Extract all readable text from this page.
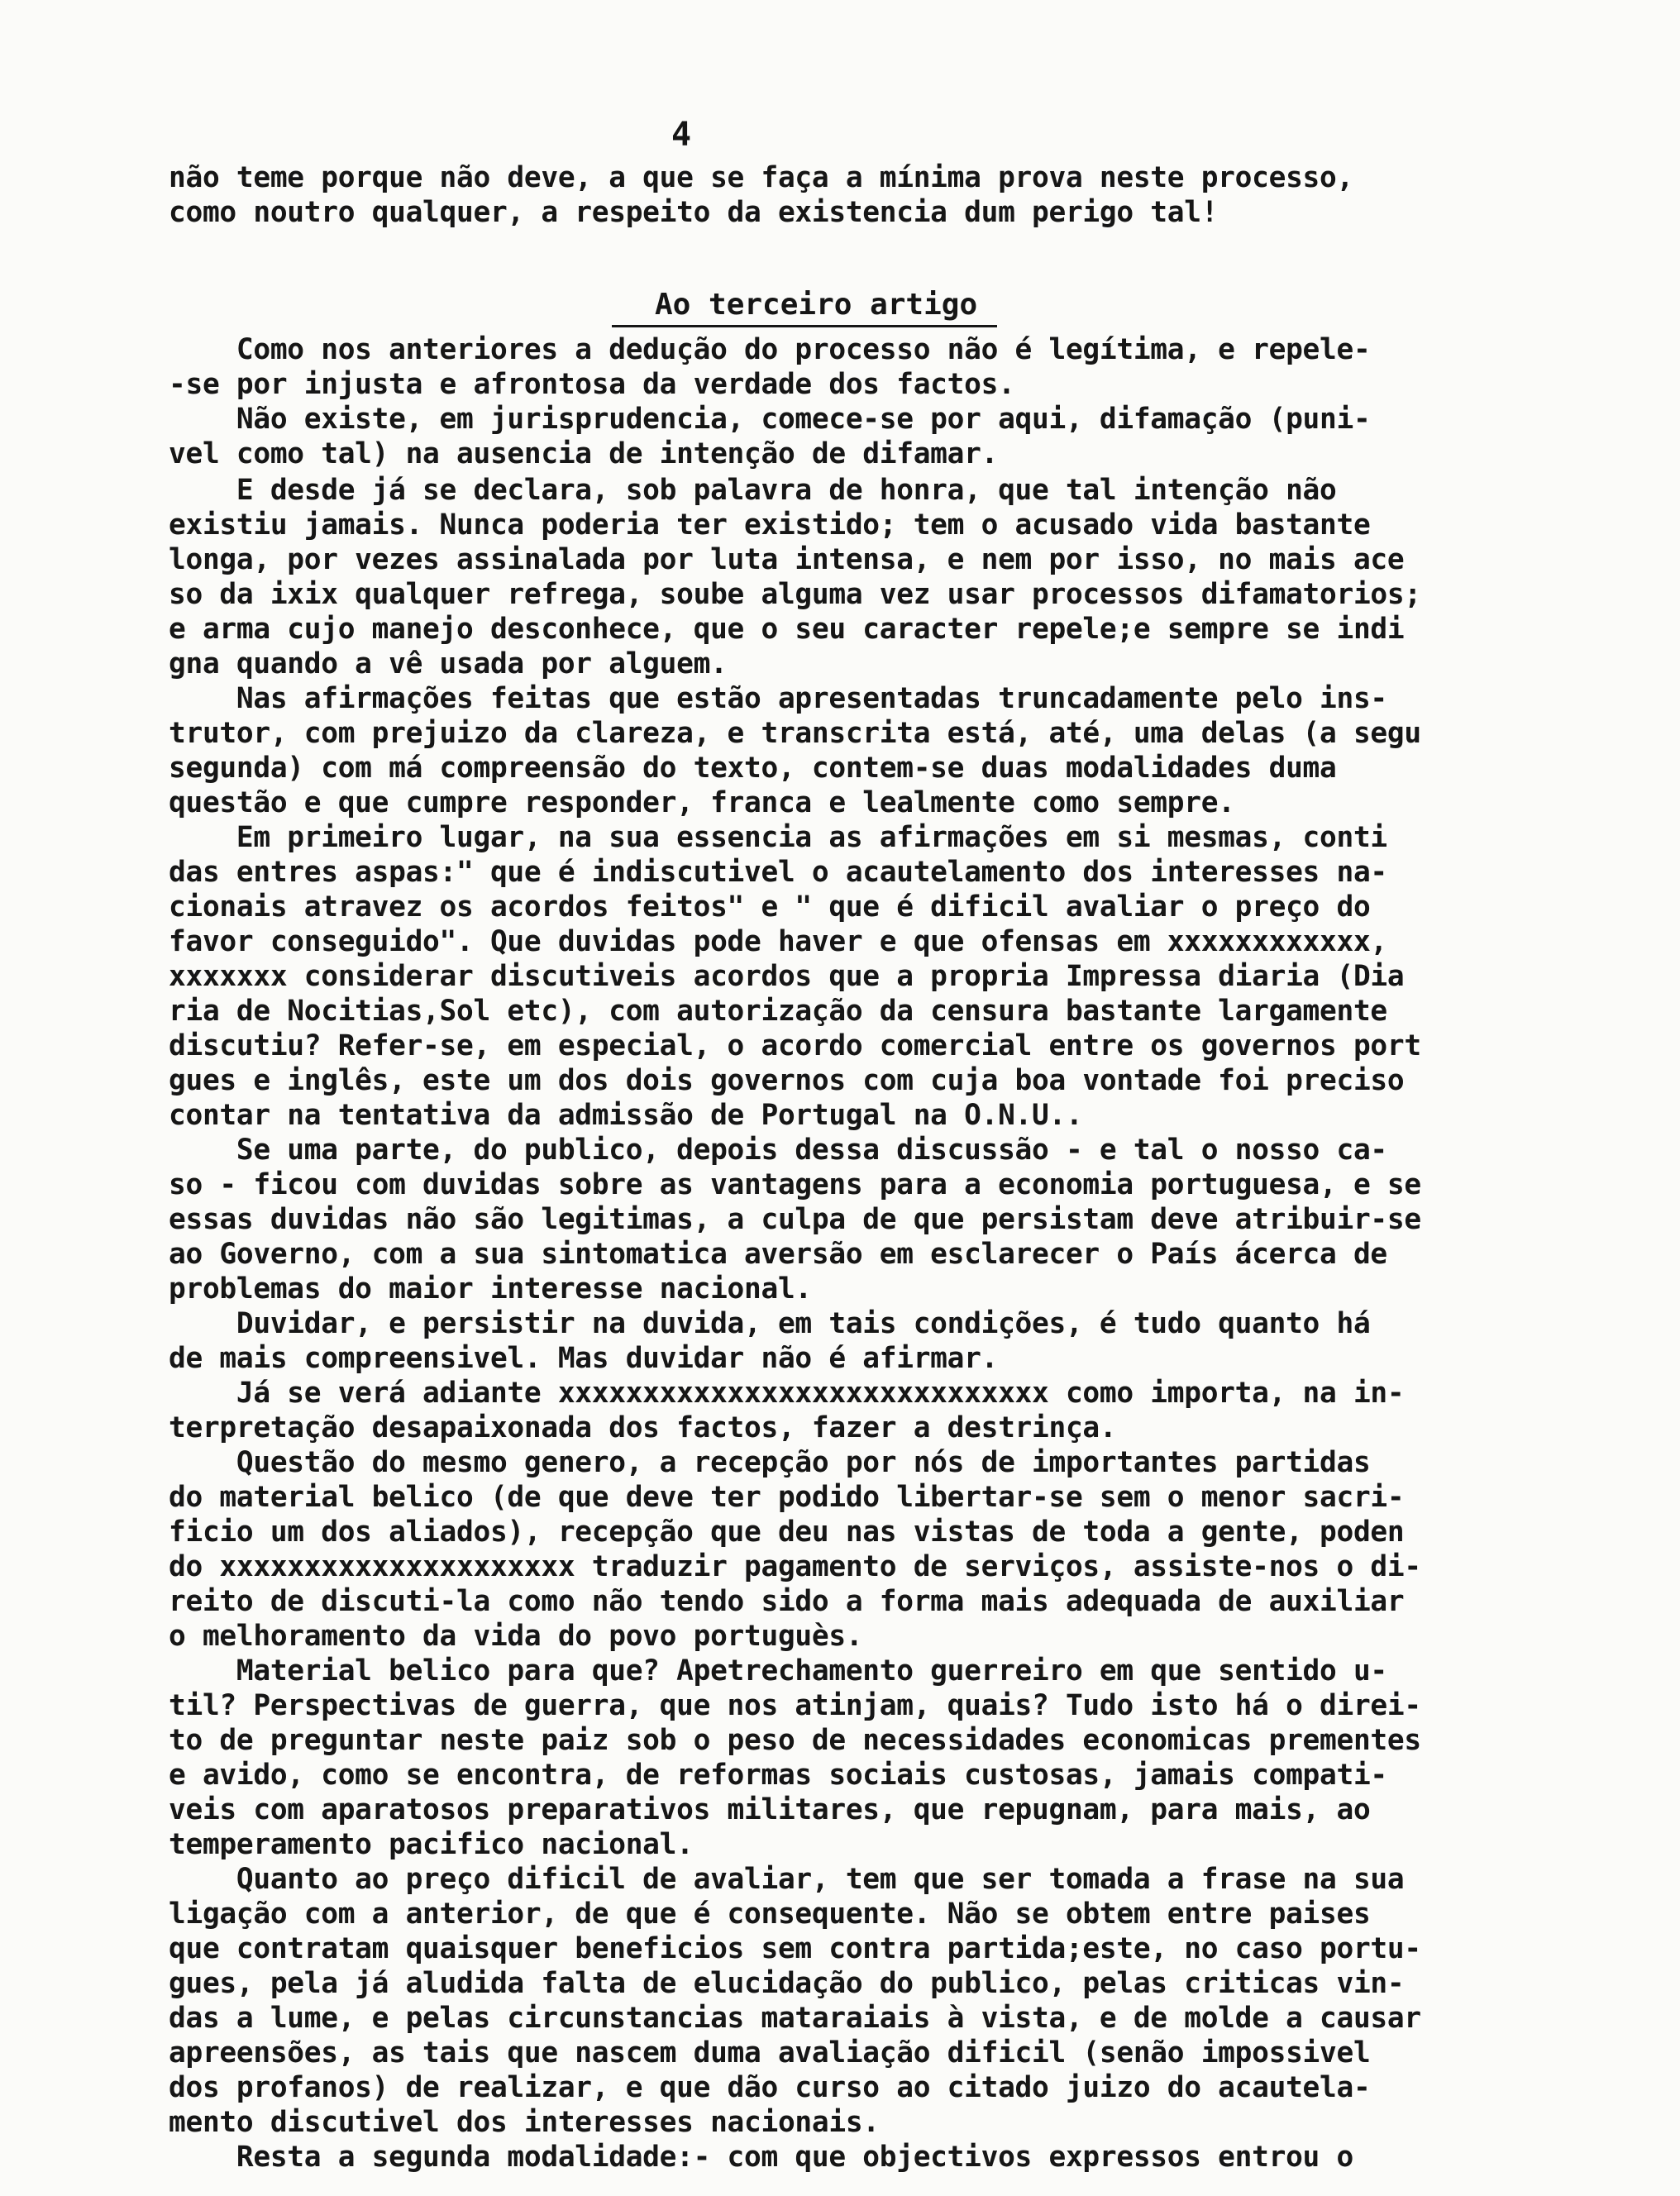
4
Ao terceiro artigo
não teme porque não deve, a que se faça a mínima prova neste processo,
como noutro qualquer, a respeito da existencia dum perigo tal!
Como nos anteriores a dedução do processo não é legítima, e repele-
-se por injusta e afrontosa da verdade dos factos.
Não existe, em jurisprudencia, comece-se por aqui, difamação (puni-
vel como tal) na ausencia de intenção de difamar.
E desde já se declara, sob palavra de honra, que tal intenção não
existiu jamais. Nunca poderia ter existido; tem o acusado vida bastante
longa, por vezes assinalada por luta intensa, e nem por isso, no mais ace
so da ixix qualquer refrega, soube alguma vez usar processos difamatorios;
e arma cujo manejo desconhece, que o seu caracter repele;e sempre se indi
gna quando a vê usada por alguem.
Nas afirmações feitas que estão apresentadas truncadamente pelo ins-
trutor, com prejuizo da clareza, e transcrita está, até, uma delas (a segu
segunda) com má compreensão do texto, contem-se duas modalidades duma
questão e que cumpre responder, franca e lealmente como sempre.
Em primeiro lugar, na sua essencia as afirmações em si mesmas, conti
das entres aspas:" que é indiscutivel o acautelamento dos interesses na-
cionais atravez os acordos feitos" e " que é dificil avaliar o preço do
favor conseguido". Que duvidas pode haver e que ofensas em xxxxxxxxxxxx,
xxxxxxx considerar discutiveis acordos que a propria Impressa diaria (Dia
ria de Nocitias,Sol etc), com autorização da censura bastante largamente
discutiu? Refer-se, em especial, o acordo comercial entre os governos port
gues e inglês, este um dos dois governos com cuja boa vontade foi preciso
contar na tentativa da admissão de Portugal na O.N.U..
Se uma parte, do publico, depois dessa discussão - e tal o nosso ca-
so - ficou com duvidas sobre as vantagens para a economia portuguesa, e se
essas duvidas não são legitimas, a culpa de que persistam deve atribuir-se
ao Governo, com a sua sintomatica aversão em esclarecer o País ácerca de
problemas do maior interesse nacional.
Duvidar, e persistir na duvida, em tais condições, é tudo quanto há
de mais compreensivel. Mas duvidar não é afirmar.
Já se verá adiante xxxxxxxxxxxxxxxxxxxxxxxxxxxxx como importa, na in-
terpretação desapaixonada dos factos, fazer a destrinça.
Questão do mesmo genero, a recepção por nós de importantes partidas
do material belico (de que deve ter podido libertar-se sem o menor sacri-
ficio um dos aliados), recepção que deu nas vistas de toda a gente, poden
do xxxxxxxxxxxxxxxxxxxxx traduzir pagamento de serviços, assiste-nos o di-
reito de discuti-la como não tendo sido a forma mais adequada de auxiliar
o melhoramento da vida do povo portuguès.
Material belico para que? Apetrechamento guerreiro em que sentido u-
til? Perspectivas de guerra, que nos atinjam, quais? Tudo isto há o direi-
to de preguntar neste paiz sob o peso de necessidades economicas prementes
e avido, como se encontra, de reformas sociais custosas, jamais compati-
veis com aparatosos preparativos militares, que repugnam, para mais, ao
temperamento pacifico nacional.
Quanto ao preço dificil de avaliar, tem que ser tomada a frase na sua
ligação com a anterior, de que é consequente. Não se obtem entre paises
que contratam quaisquer beneficios sem contra partida;este, no caso portu-
gues, pela já aludida falta de elucidação do publico, pelas criticas vin-
das a lume, e pelas circunstancias mataraiais à vista, e de molde a causar
apreensões, as tais que nascem duma avaliação dificil (senão impossivel
dos profanos) de realizar, e que dão curso ao citado juizo do acautela-
mento discutivel dos interesses nacionais.
Resta a segunda modalidade:- com que objectivos expressos entrou o
